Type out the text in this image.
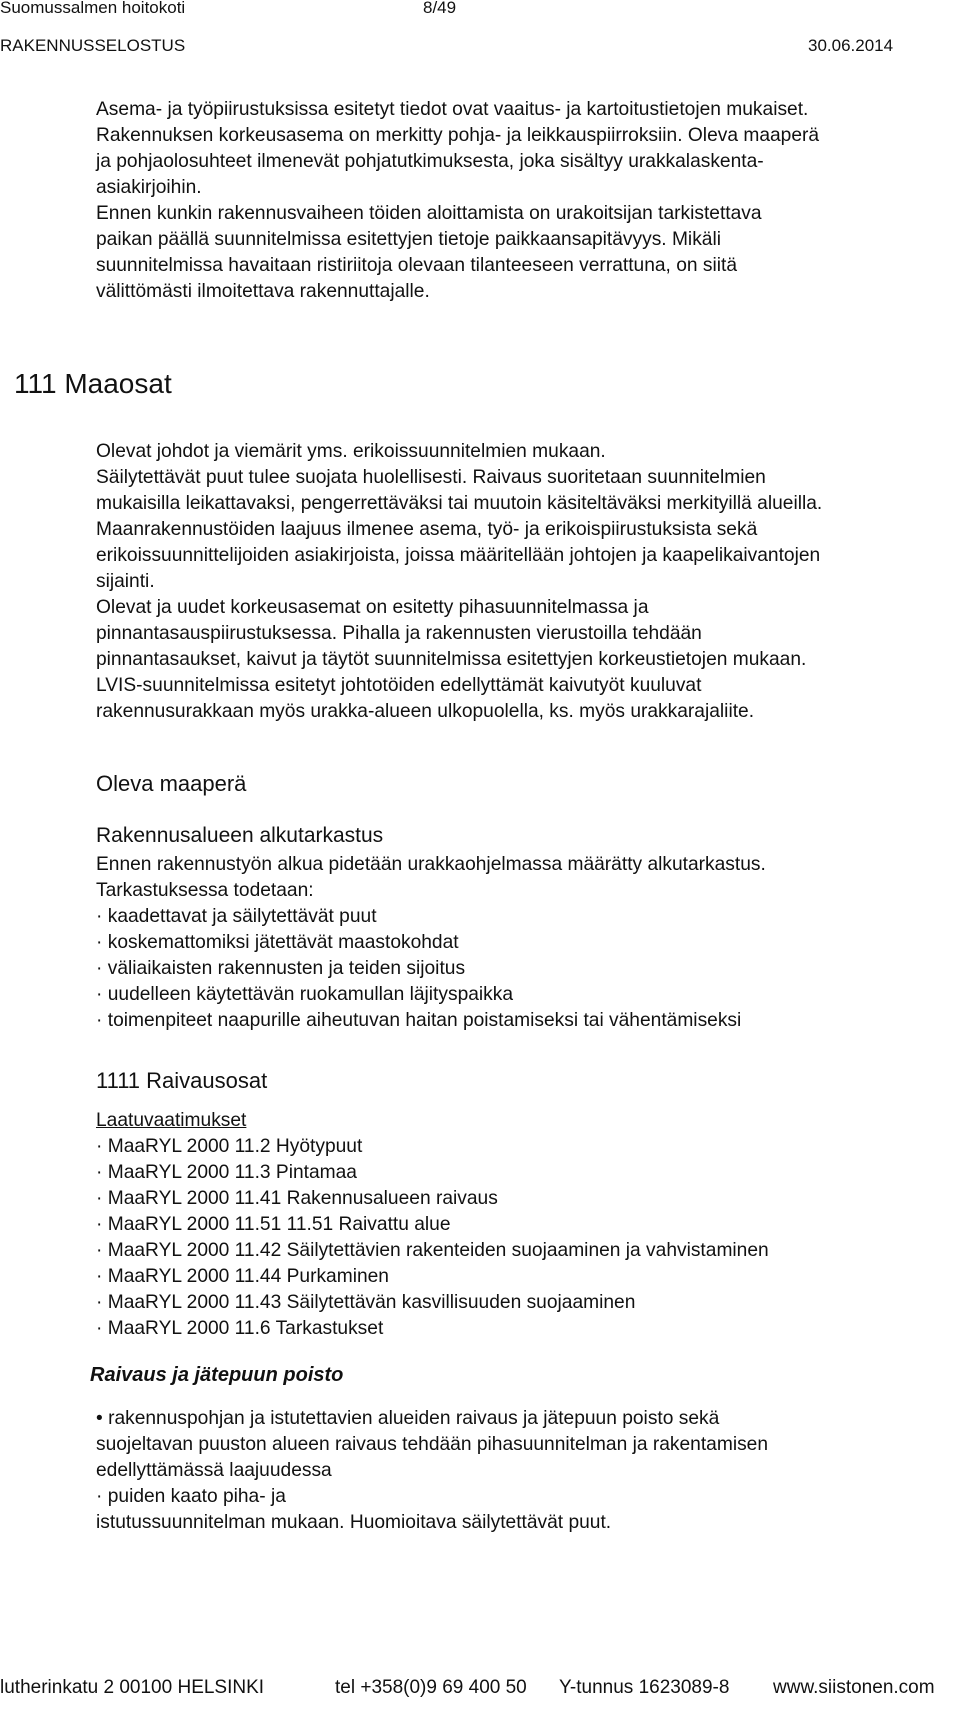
Suomussalmen hoitokoti	8/49
RAKENNUSSELOSTUS	30.06.2014

Asema- ja työpiirustuksissa esitetyt tiedot ovat vaaitus- ja kartoitustietojen mukaiset.

Rakennuksen korkeusasema on merkitty pohja- ja leikkauspiirroksiin. Oleva maaperä

ja pohjaolosuhteet ilmenevät pohjatutkimuksesta, joka sisältyy urakkalaskenta-

asiakirjoihin.

Ennen kunkin rakennusvaiheen töiden aloittamista on urakoitsijan tarkistettava

paikan päällä suunnitelmissa esitettyjen tietoje paikkaansapitävyys. Mikäli

suunnitelmissa havaitaan ristiriitoja olevaan tilanteeseen verrattuna, on siitä

välittömästi ilmoitettava rakennuttajalle.

111 Maaosat

Olevat johdot ja viemärit yms. erikoissuunnitelmien mukaan.

Säilytettävät puut tulee suojata huolellisesti. Raivaus suoritetaan suunnitelmien

mukaisilla leikattavaksi, pengerrettäväksi tai muutoin käsiteltäväksi merkityillä alueilla.

Maanrakennustöiden laajuus ilmenee asema, työ- ja erikoispiirustuksista sekä

erikoissuunnittelijoiden asiakirjoista, joissa määritellään johtojen ja kaapelikaivantojen

sijainti.

Olevat ja uudet korkeusasemat on esitetty pihasuunnitelmassa ja

pinnantasauspiirustuksessa. Pihalla ja rakennusten vierustoilla tehdään

pinnantasaukset, kaivut ja täytöt suunnitelmissa esitettyjen korkeustietojen mukaan.

LVIS-suunnitelmissa esitetyt johtotöiden edellyttämät kaivutyöt kuuluvat

rakennusurakkaan myös urakka-alueen ulkopuolella, ks. myös urakkarajaliite.

Oleva maaperä
Rakennusalueen alkutarkastus

Ennen rakennustyön alkua pidetään urakkaohjelmassa määrätty alkutarkastus.

Tarkastuksessa todetaan:

· kaadettavat ja säilytettävät puut
· koskemattomiksi jätettävät maastokohdat
· väliaikaisten rakennusten ja teiden sijoitus
· uudelleen käytettävän ruokamullan läjityspaikka
· toimenpiteet naapurille aiheutuvan haitan poistamiseksi tai vähentämiseksi
1111 Raivausosat

Laatuvaatimukset

· MaaRYL 2000 11.2 Hyötypuut
· MaaRYL 2000 11.3 Pintamaa
· MaaRYL 2000 11.41 Rakennusalueen raivaus
· MaaRYL 2000 11.51 11.51 Raivattu alue
· MaaRYL 2000 11.42 Säilytettävien rakenteiden suojaaminen ja vahvistaminen
· MaaRYL 2000 11.44 Purkaminen
· MaaRYL 2000 11.43 Säilytettävän kasvillisuuden suojaaminen
· MaaRYL 2000 11.6 Tarkastukset
Raivaus ja jätepuun poisto

• rakennuspohjan ja istutettavien alueiden raivaus ja jätepuun poisto sekä

suojeltavan puuston alueen raivaus tehdään pihasuunnitelman ja rakentamisen

edellyttämässä laajuudessa

· puiden kaato piha- ja

istutussuunnitelman mukaan. Huomioitava säilytettävät puut.

lutherinkatu 2 00100 HELSINKI	tel +358(0)9 69 400 50 Y-tunnus 1623089-8 www.siistonen.com
